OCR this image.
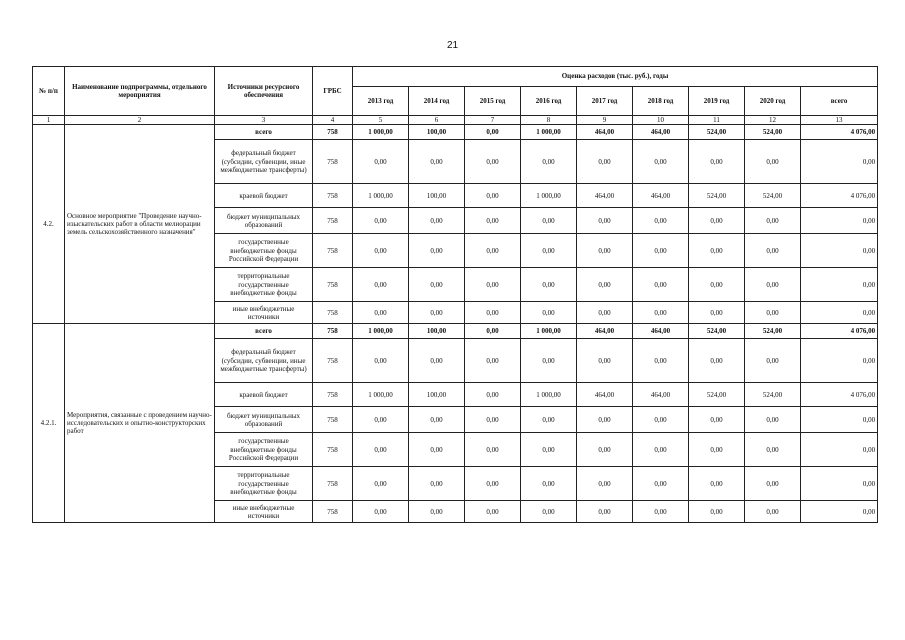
21
№ п/п	Наименование подпрограммы, отдельного мероприятия	Источники ресурсного обеспечения	ГРБС	Оценка расходов (тыс. руб.), годы								
				2013 год	2014 год	2015 год	2016 год	2017 год	2018 год	2019 год	2020 год	всего
1	2	3	4	5	6	7	8	9	10	11	12	13
4.2.	Основное мероприятие "Проведение научно-изыскательских работ в области мелиорации земель сельскохозяйственного назначения"	всего	758	1 000,00	100,00	0,00	1 000,00	464,00	464,00	524,00	524,00	4 076,00
		федеральный бюджет (субсидии, субвенции, иные межбюджетные трансферты)	758	0,00	0,00	0,00	0,00	0,00	0,00	0,00	0,00	0,00
		краевой бюджет	758	1 000,00	100,00	0,00	1 000,00	464,00	464,00	524,00	524,00	4 076,00
		бюджет муниципальных образований	758	0,00	0,00	0,00	0,00	0,00	0,00	0,00	0,00	0,00
		государственные внебюджетные фонды Российской Федерации	758	0,00	0,00	0,00	0,00	0,00	0,00	0,00	0,00	0,00
		территориальные государственные внебюджетные фонды	758	0,00	0,00	0,00	0,00	0,00	0,00	0,00	0,00	0,00
		иные внебюджетные источники	758	0,00	0,00	0,00	0,00	0,00	0,00	0,00	0,00	0,00
4.2.1.	Мероприятия, связанные с проведением научно-исследовательских и опытно-конструкторских работ	всего	758	1 000,00	100,00	0,00	1 000,00	464,00	464,00	524,00	524,00	4 076,00
		федеральный бюджет (субсидии, субвенции, иные межбюджетные трансферты)	758	0,00	0,00	0,00	0,00	0,00	0,00	0,00	0,00	0,00
		краевой бюджет	758	1 000,00	100,00	0,00	1 000,00	464,00	464,00	524,00	524,00	4 076,00
		бюджет муниципальных образований	758	0,00	0,00	0,00	0,00	0,00	0,00	0,00	0,00	0,00
		государственные внебюджетные фонды Российской Федерации	758	0,00	0,00	0,00	0,00	0,00	0,00	0,00	0,00	0,00
		территориальные государственные внебюджетные фонды	758	0,00	0,00	0,00	0,00	0,00	0,00	0,00	0,00	0,00
		иные внебюджетные источники	758	0,00	0,00	0,00	0,00	0,00	0,00	0,00	0,00	0,00
